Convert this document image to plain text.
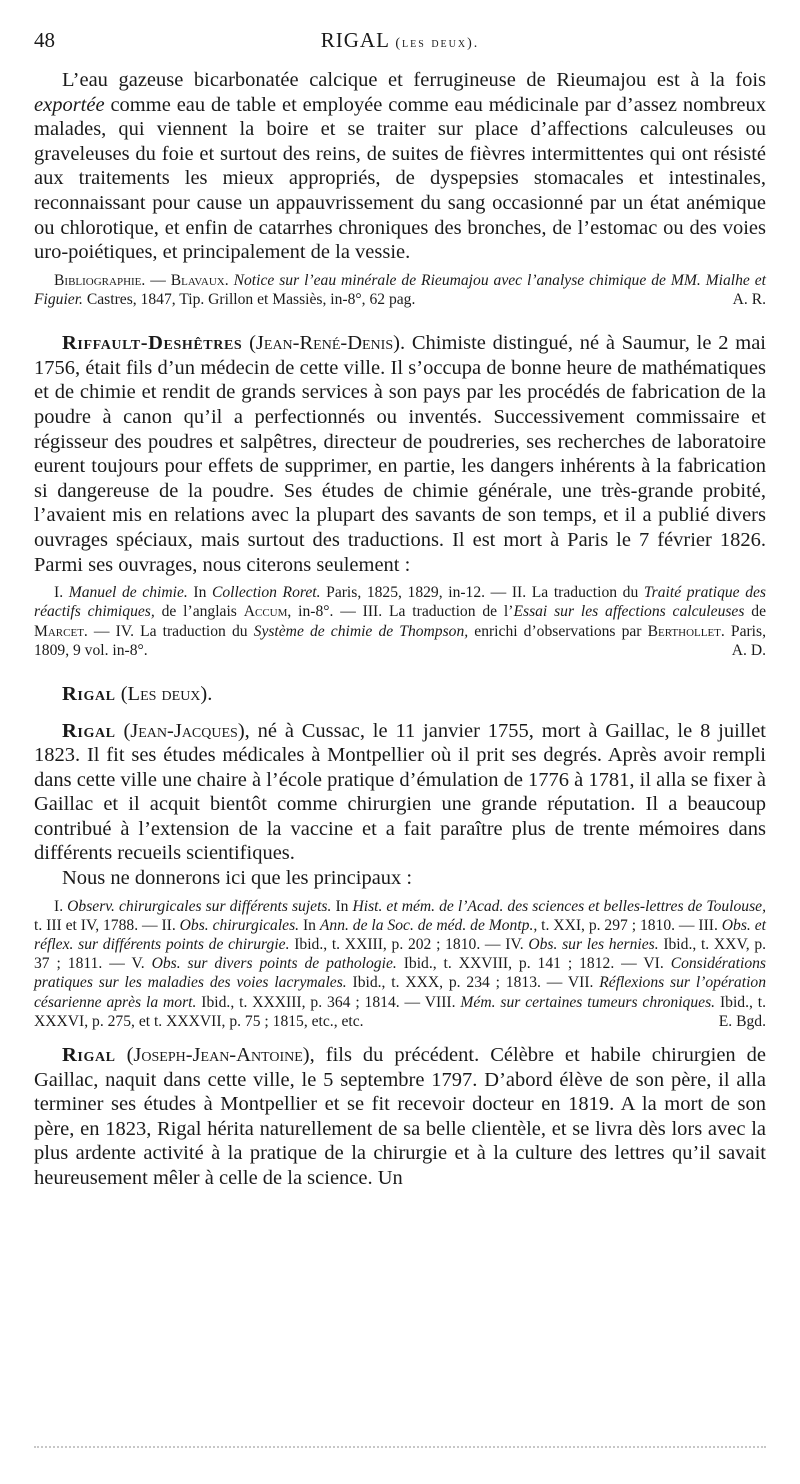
48	RIGAL (les deux).

L’eau gazeuse bicarbonatée calcique et ferrugineuse de Rieumajou est à la fois exportée comme eau de table et employée comme eau médicinale par d’assez nombreux malades, qui viennent la boire et se traiter sur place d’affections calculeuses ou graveleuses du foie et surtout des reins, de suites de fièvres intermittentes qui ont résisté aux traitements les mieux appropriés, de dyspepsies stomacales et intestinales, reconnaissant pour cause un appauvrissement du sang occasionné par un état anémique ou chlorotique, et enfin de catarrhes chroniques des bronches, de l’estomac ou des voies uro-poiétiques, et principalement de la vessie.

Bibliographie. — Blavaux. Notice sur l’eau minérale de Rieumajou avec l’analyse chimique de MM. Mialhe et Figuier. Castres, 1847, Tip. Grillon et Massiès, in-8°, 62 pag.	A. R.

Riffault-Deshêtres (Jean-René-Denis). Chimiste distingué, né à Saumur, le 2 mai 1756, était fils d’un médecin de cette ville. Il s’occupa de bonne heure de mathématiques et de chimie et rendit de grands services à son pays par les procédés de fabrication de la poudre à canon qu’il a perfectionnés ou inventés. Successivement commissaire et régisseur des poudres et salpêtres, directeur de poudreries, ses recherches de laboratoire eurent toujours pour effets de supprimer, en partie, les dangers inhérents à la fabrication si dangereuse de la poudre. Ses études de chimie générale, une très-grande probité, l’avaient mis en relations avec la plupart des savants de son temps, et il a publié divers ouvrages spéciaux, mais surtout des traductions. Il est mort à Paris le 7 février 1826. Parmi ses ouvrages, nous citerons seulement :

I. Manuel de chimie. In Collection Roret. Paris, 1825, 1829, in-12. — II. La traduction du Traité pratique des réactifs chimiques, de l’anglais Accum, in-8°. — III. La traduction de l’Essai sur les affections calculeuses de Marcet. — IV. La traduction du Système de chimie de Thompson, enrichi d’observations par Berthollet. Paris, 1809, 9 vol. in-8°.	A. D.

Rigal (Les deux).

Rigal (Jean-Jacques), né à Cussac, le 11 janvier 1755, mort à Gaillac, le 8 juillet 1823. Il fit ses études médicales à Montpellier où il prit ses degrés. Après avoir rempli dans cette ville une chaire à l’école pratique d’émulation de 1776 à 1781, il alla se fixer à Gaillac et il acquit bientôt comme chirurgien une grande réputation. Il a beaucoup contribué à l’extension de la vaccine et a fait paraître plus de trente mémoires dans différents recueils scientifiques.

Nous ne donnerons ici que les principaux :

I. Observ. chirurgicales sur différents sujets. In Hist. et mém. de l’Acad. des sciences et belles-lettres de Toulouse, t. III et IV, 1788. — II. Obs. chirurgicales. In Ann. de la Soc. de méd. de Montp., t. XXI, p. 297 ; 1810. — III. Obs. et réflex. sur différents points de chirurgie. Ibid., t. XXIII, p. 202 ; 1810. — IV. Obs. sur les hernies. Ibid., t. XXV, p. 37 ; 1811. — V. Obs. sur divers points de pathologie. Ibid., t. XXVIII, p. 141 ; 1812. — VI. Considérations pratiques sur les maladies des voies lacrymales. Ibid., t. XXX, p. 234 ; 1813. — VII. Réflexions sur l’opération césarienne après la mort. Ibid., t. XXXIII, p. 364 ; 1814. — VIII. Mém. sur certaines tumeurs chroniques. Ibid., t. XXXVI, p. 275, et t. XXXVII, p. 75 ; 1815, etc., etc.	E. Bgd.

Rigal (Joseph-Jean-Antoine), fils du précédent. Célèbre et habile chirurgien de Gaillac, naquit dans cette ville, le 5 septembre 1797. D’abord élève de son père, il alla terminer ses études à Montpellier et se fit recevoir docteur en 1819. A la mort de son père, en 1823, Rigal hérita naturellement de sa belle clientèle, et se livra dès lors avec la plus ardente activité à la pratique de la chirurgie et à la culture des lettres qu’il savait heureusement mêler à celle de la science. Un
